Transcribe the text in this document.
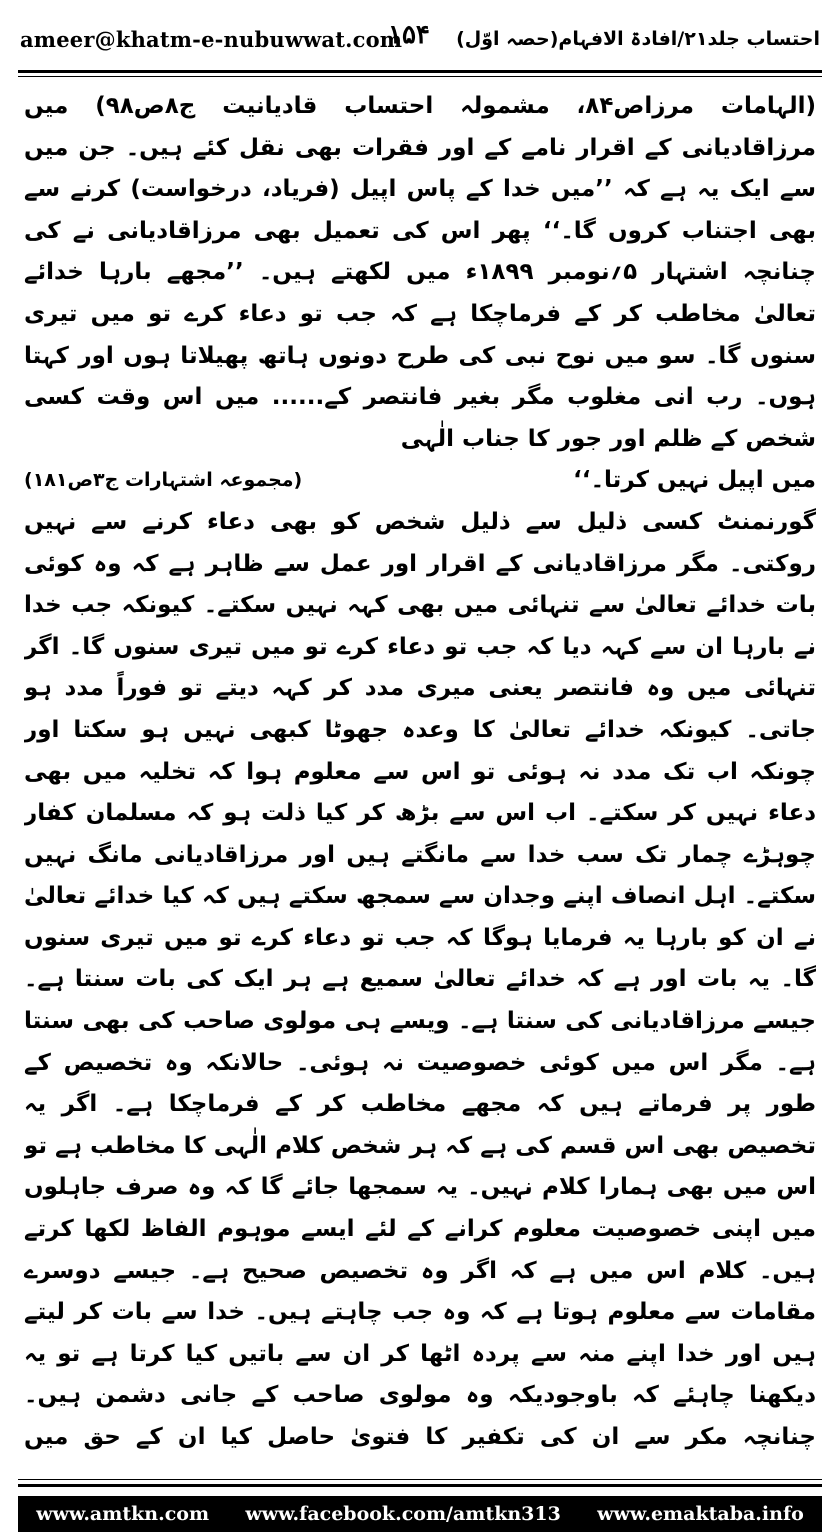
ameer@khatm-e-nubuwwat.com
۱۵۴ احتساب جلد۲۱/افادۃ الافہام(حصہ اوّل)

(الہامات مرزاص۸۴، مشمولہ احتساب قادیانیت ج۸ص۹۸) میں مرزاقادیانی کے اقرار نامے کے اور فقرات بھی نقل کئے ہیں۔ جن میں سے ایک یہ ہے کہ ’’میں خدا کے پاس اپیل (فریاد، درخواست) کرنے سے بھی اجتناب کروں گا۔‘‘ پھر اس کی تعمیل بھی مرزاقادیانی نے کی چنانچہ اشتہار ۵؍نومبر ۱۸۹۹ء میں لکھتے ہیں۔ ’’مجھے بارہا خدائے تعالیٰ مخاطب کر کے فرماچکا ہے کہ جب تو دعاء کرے تو میں تیری سنوں گا۔ سو میں نوح نبی کی طرح دونوں ہاتھ پھیلاتا ہوں اور کہتا ہوں۔ رب انی مغلوب مگر بغیر فانتصر کے...... میں اس وقت کسی شخص کے ظلم اور جور کا جناب الٰہی

میں اپیل نہیں کرتا۔‘‘
(مجموعہ اشتہارات ج۳ص۱۸۱)

گورنمنٹ کسی ذلیل سے ذلیل شخص کو بھی دعاء کرنے سے نہیں روکتی۔ مگر مرزاقادیانی کے اقرار اور عمل سے ظاہر ہے کہ وہ کوئی بات خدائے تعالیٰ سے تنہائی میں بھی کہہ نہیں سکتے۔ کیونکہ جب خدا نے بارہا ان سے کہہ دیا کہ جب تو دعاء کرے تو میں تیری سنوں گا۔ اگر تنہائی میں وہ فانتصر یعنی میری مدد کر کہہ دیتے تو فوراً مدد ہو جاتی۔ کیونکہ خدائے تعالیٰ کا وعدہ جھوٹا کبھی نہیں ہو سکتا اور چونکہ اب تک مدد نہ ہوئی تو اس سے معلوم ہوا کہ تخلیہ میں بھی دعاء نہیں کر سکتے۔ اب اس سے بڑھ کر کیا ذلت ہو کہ مسلمان کفار چوہڑے چمار تک سب خدا سے مانگتے ہیں اور مرزاقادیانی مانگ نہیں سکتے۔ اہل انصاف اپنے وجدان سے سمجھ سکتے ہیں کہ کیا خدائے تعالیٰ نے ان کو بارہا یہ فرمایا ہوگا کہ جب تو دعاء کرے تو میں تیری سنوں گا۔ یہ بات اور ہے کہ خدائے تعالیٰ سمیع ہے ہر ایک کی بات سنتا ہے۔ جیسے مرزاقادیانی کی سنتا ہے۔ ویسے ہی مولوی صاحب کی بھی سنتا ہے۔ مگر اس میں کوئی خصوصیت نہ ہوئی۔ حالانکہ وہ تخصیص کے طور پر فرماتے ہیں کہ مجھے مخاطب کر کے فرماچکا ہے۔ اگر یہ تخصیص بھی اس قسم کی ہے کہ ہر شخص کلام الٰہی کا مخاطب ہے تو اس میں بھی ہمارا کلام نہیں۔ یہ سمجھا جائے گا کہ وہ صرف جاہلوں میں اپنی خصوصیت معلوم کرانے کے لئے ایسے موہوم الفاظ لکھا کرتے ہیں۔ کلام اس میں ہے کہ اگر وہ تخصیص صحیح ہے۔ جیسے دوسرے مقامات سے معلوم ہوتا ہے کہ وہ جب چاہتے ہیں۔ خدا سے بات کر لیتے ہیں اور خدا اپنے منہ سے پردہ اٹھا کر ان سے باتیں کیا کرتا ہے تو یہ دیکھنا چاہئے کہ باوجودیکہ وہ مولوی صاحب کے جانی دشمن ہیں۔ چنانچہ مکر سے ان کی تکفیر کا فتویٰ حاصل کیا ان کے حق میں

www.amtkn.com www.facebook.com/amtkn313 www.emaktaba.info
